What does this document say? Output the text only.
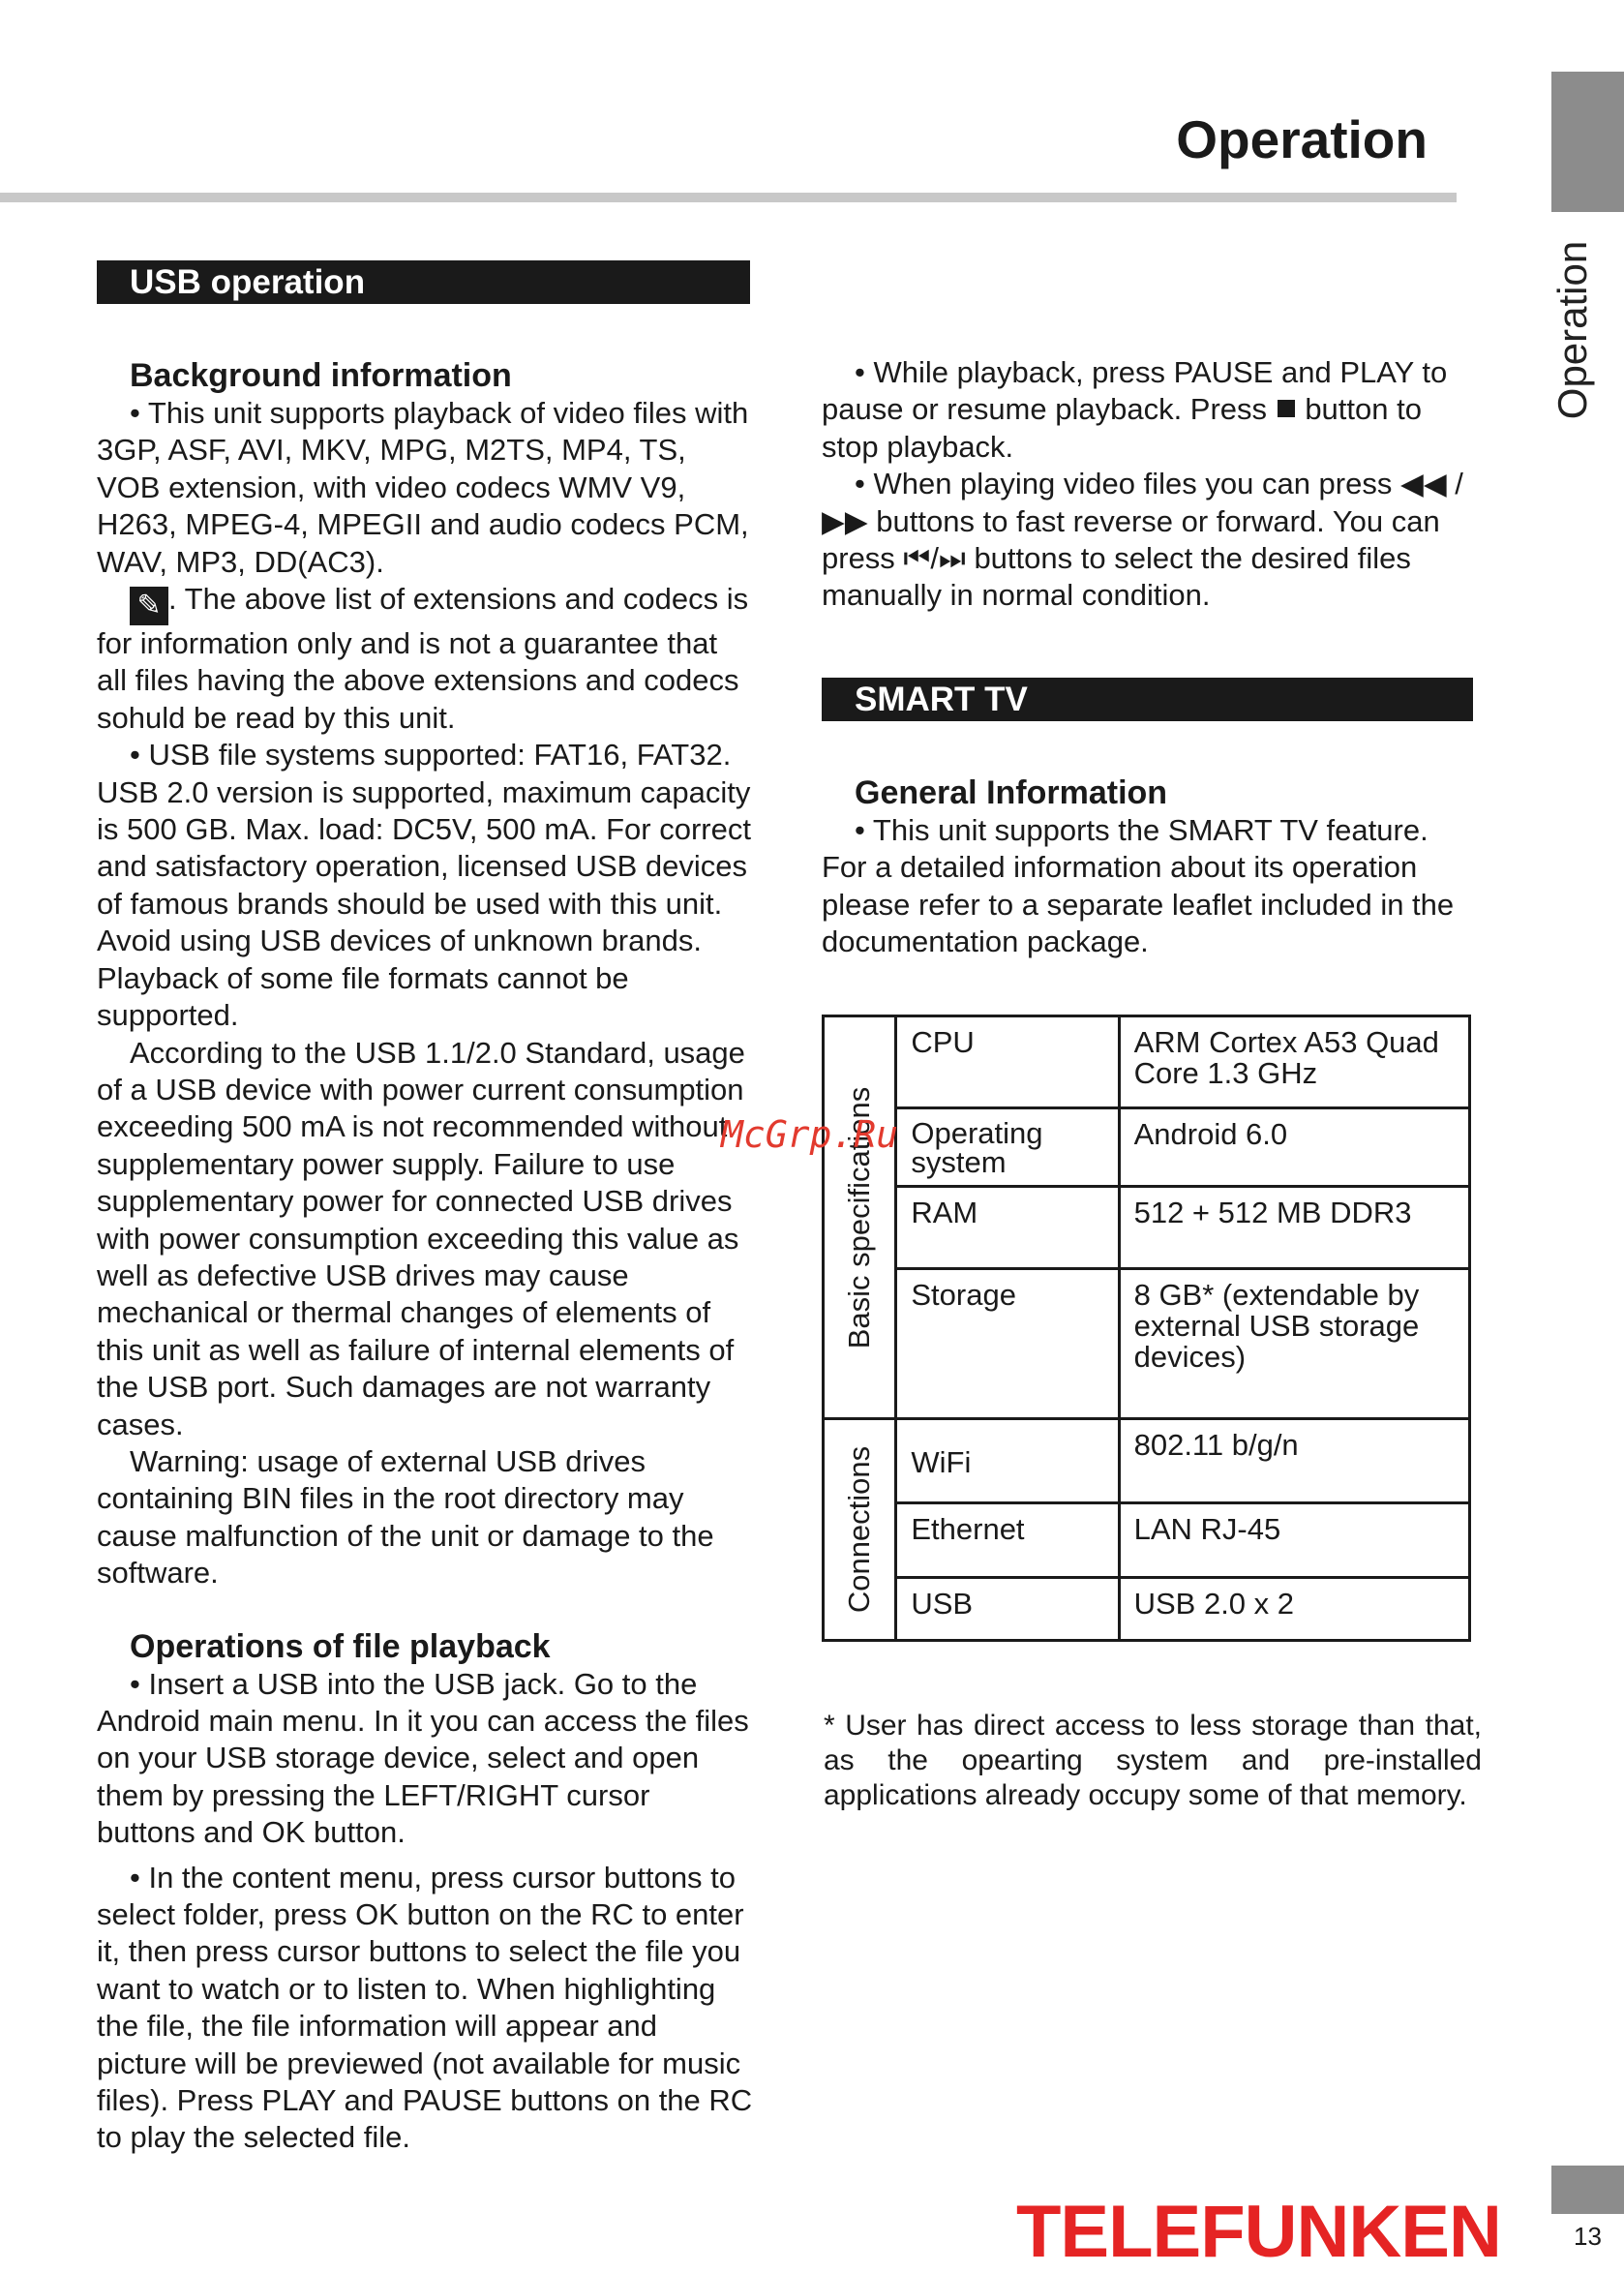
Operation
Operation
USB operation

Background information

• This unit supports playback of video files with 3GP, ASF, AVI, MKV, MPG, M2TS, MP4, TS, VOB extension, with video codecs WMV V9, H263, MPEG-4, MPEGII and audio codecs PCM, WAV, MP3, DD(AC3).

✎ . The above list of extensions and codecs is for information only and is not a guarantee that all files having the above extensions and codecs sohuld be read by this unit.

• USB file systems supported: FAT16, FAT32. USB 2.0 version is supported, maximum capacity is 500 GB. Max. load: DC5V, 500 mA. For correct and satisfactory operation, licensed USB devices of famous brands should be used with this unit. Avoid using USB devices of unknown brands. Playback of some file formats cannot be supported.

According to the USB 1.1/2.0 Standard, usage of a USB device with power current consumption exceeding 500 mA is not recommended without supplementary power supply. Failure to use supplementary power for connected USB drives with power consumption exceeding this value as well as defective USB drives may cause mechanical or thermal changes of elements of this unit as well as failure of internal elements of the USB port. Such damages are not warranty cases.

Warning: usage of external USB drives containing BIN files in the root directory may cause malfunction of the unit or damage to the software.

Operations of file playback

• Insert a USB into the USB jack. Go to the Android main menu. In it you can access the files on your USB storage device, select and open them by pressing the LEFT/RIGHT cursor buttons and OK button.

• In the content menu, press cursor buttons to select folder, press OK button on the RC to enter it, then press cursor buttons to select the file you want to watch or to listen to. When highlighting the file, the file information will appear and picture will be previewed (not available for music files). Press PLAY and PAUSE buttons on the RC to play the selected file.

• While playback, press PAUSE and PLAY to pause or resume playback. Press button to stop playback.

• When playing video files you can press ◀◀ /▶▶ buttons to fast reverse or forward. You can press ⏮/⏭ buttons to select the desired files manually in normal condition.

SMART TV

General Information

• This unit supports the SMART TV feature. For a detailed information about its operation please refer to a separate leaflet included in the documentation package.

Basic specifications	CPU	ARM Cortex A53 Quad Core 1.3 GHz
	Operating system	Android 6.0
	RAM	512 + 512 MB DDR3
	Storage	8 GB* (extendable by external USB storage devices)

Connections	WiFi	802.11 b/g/n
	Ethernet	LAN RJ-45
	USB	USB 2.0 x 2
McGrp.Ru
* User has direct access to less storage than that, as the opearting system and pre-installed applications already occupy some of that memory.
TELEFUNKEN	13
